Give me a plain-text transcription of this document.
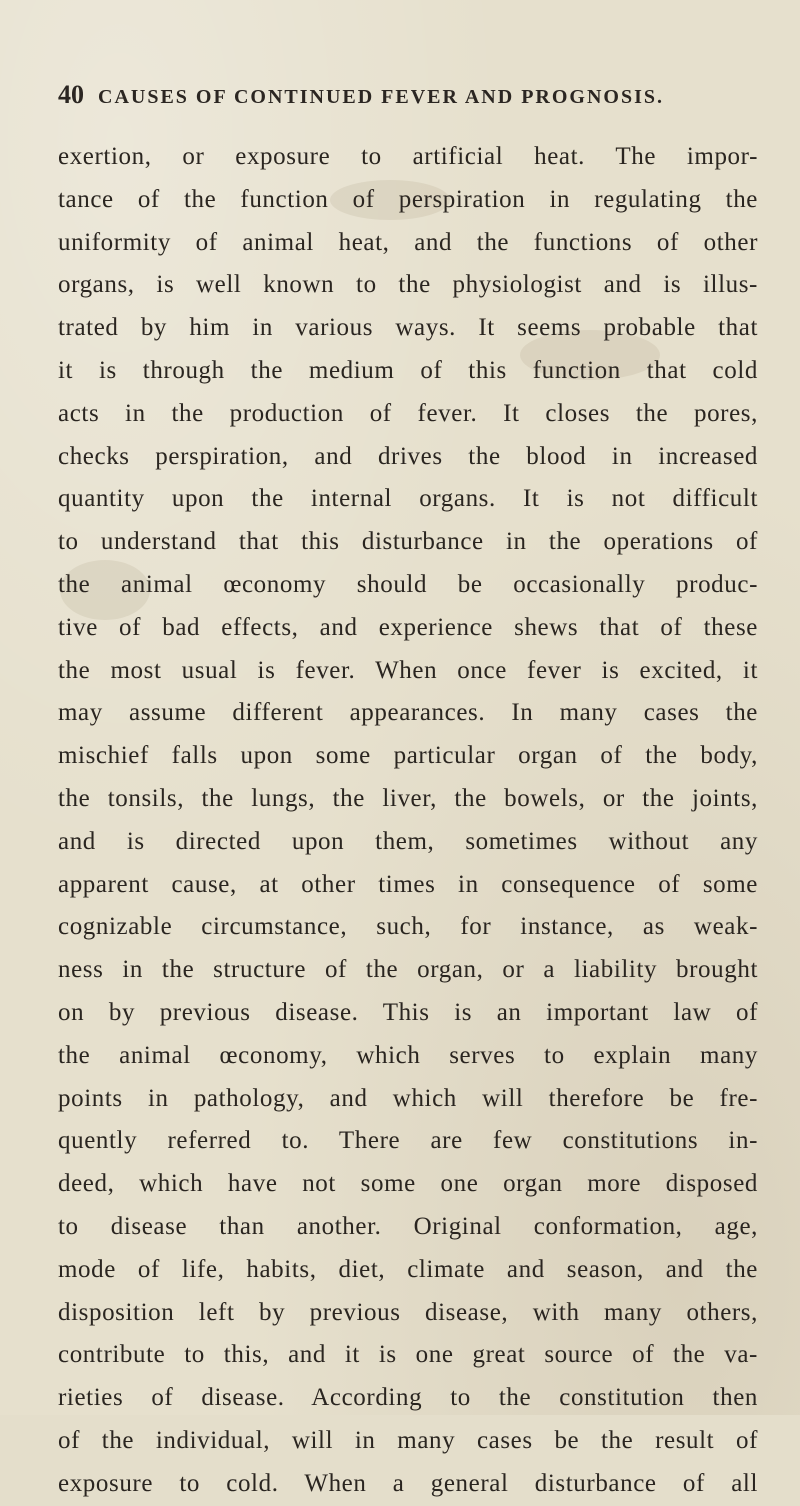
40 CAUSES OF CONTINUED FEVER AND PROGNOSIS.
exertion, or exposure to artificial heat. The impor-
tance of the function of perspiration in regulating the
uniformity of animal heat, and the functions of other
organs, is well known to the physiologist and is illus-
trated by him in various ways. It seems probable that
it is through the medium of this function that cold
acts in the production of fever. It closes the pores,
checks perspiration, and drives the blood in increased
quantity upon the internal organs. It is not difficult
to understand that this disturbance in the operations of
the animal œconomy should be occasionally produc-
tive of bad effects, and experience shews that of these
the most usual is fever. When once fever is excited, it
may assume different appearances. In many cases the
mischief falls upon some particular organ of the body,
the tonsils, the lungs, the liver, the bowels, or the joints,
and is directed upon them, sometimes without any
apparent cause, at other times in consequence of some
cognizable circumstance, such, for instance, as weak-
ness in the structure of the organ, or a liability brought
on by previous disease. This is an important law of
the animal œconomy, which serves to explain many
points in pathology, and which will therefore be fre-
quently referred to. There are few constitutions in-
deed, which have not some one organ more disposed
to disease than another. Original conformation, age,
mode of life, habits, diet, climate and season, and the
disposition left by previous disease, with many others,
contribute to this, and it is one great source of the va-
rieties of disease. According to the constitution then
of the individual, will in many cases be the result of
exposure to cold. When a general disturbance of all
